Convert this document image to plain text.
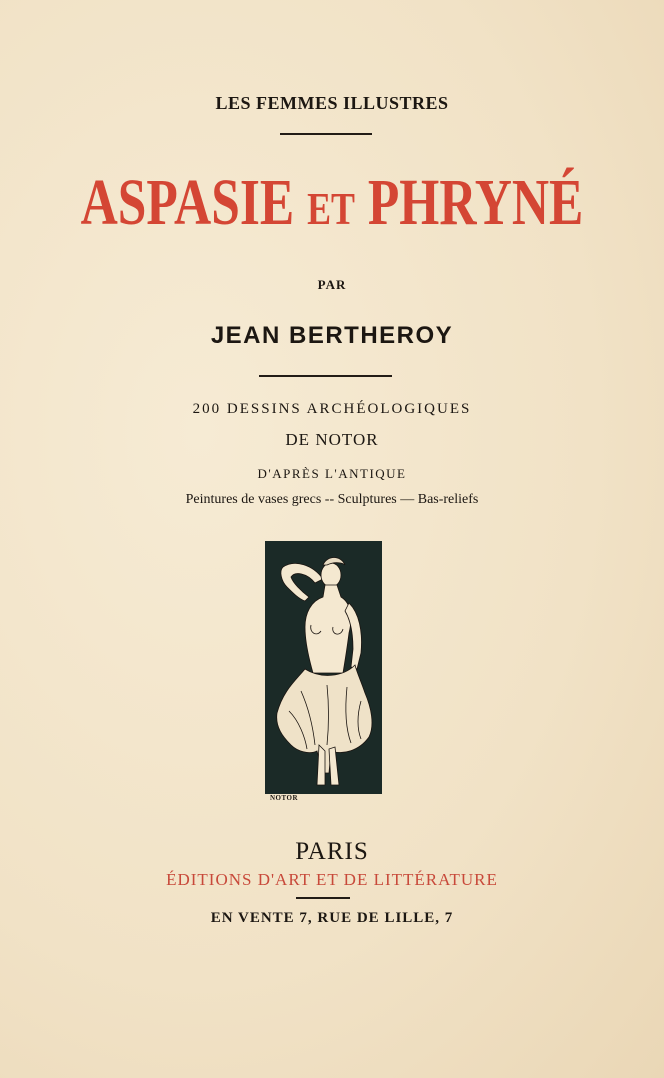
LES FEMMES ILLUSTRES
ASPASIE ET PHRYNÉ
PAR
JEAN BERTHEROY
200 DESSINS ARCHÉOLOGIQUES
DE NOTOR
D'APRÈS L'ANTIQUE
Peintures de vases grecs -- Sculptures — Bas-reliefs
NOTOR
PARIS
ÉDITIONS D'ART ET DE LITTÉRATURE
EN VENTE 7, RUE DE LILLE, 7
